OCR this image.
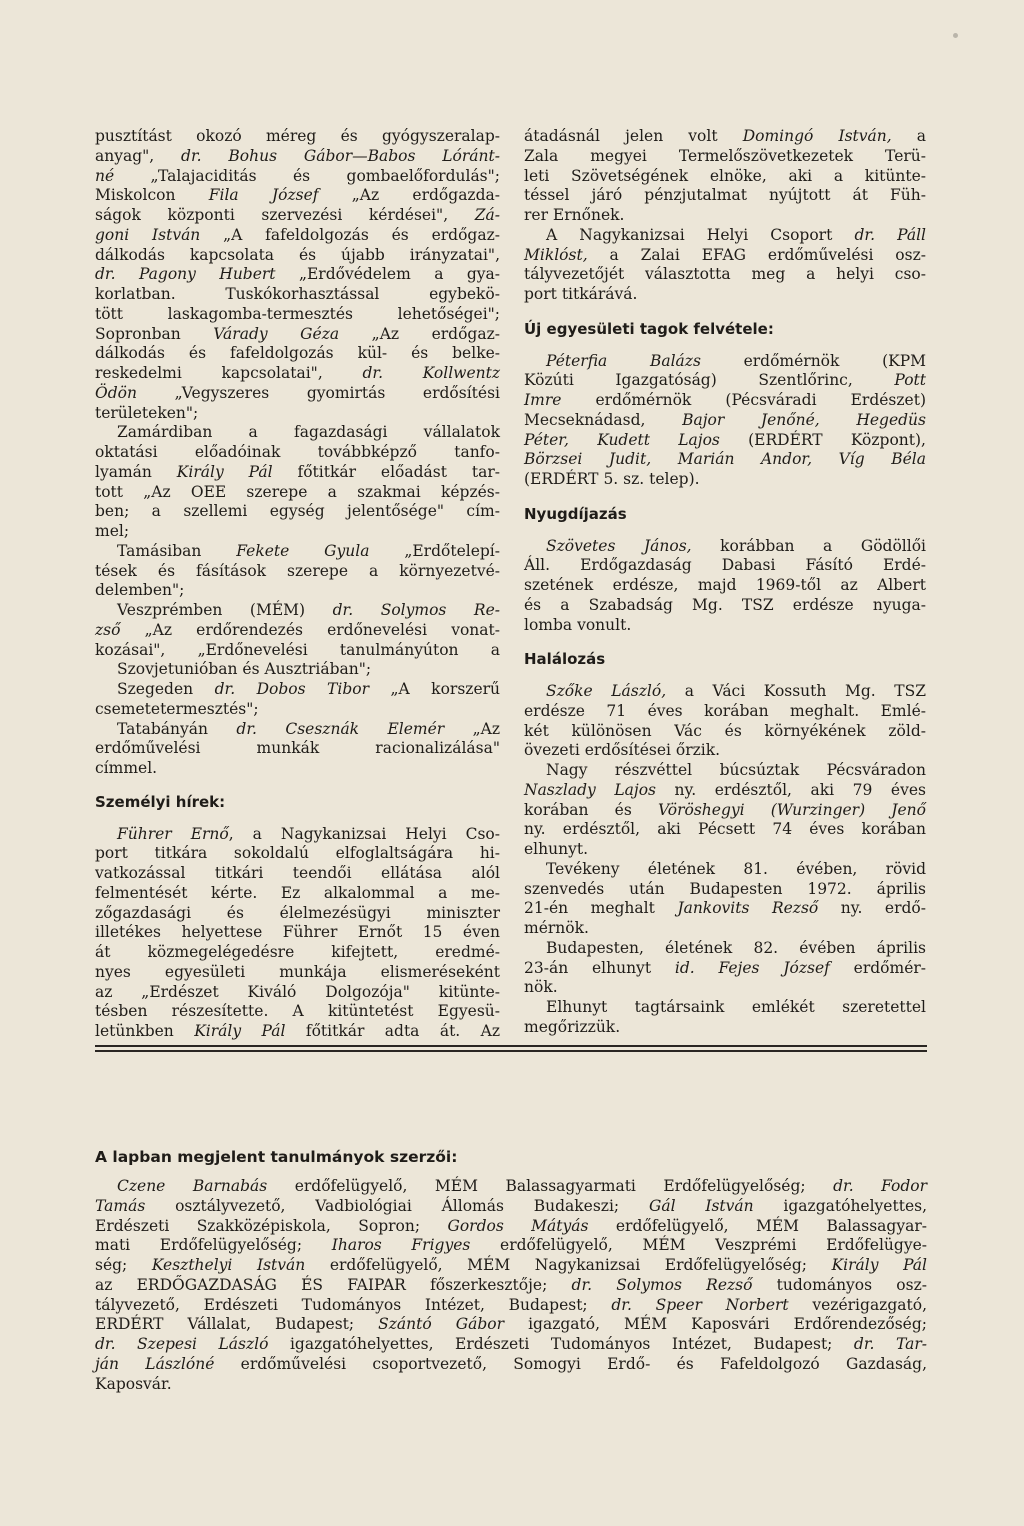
pusztítást okozó méreg és gyógyszeralap-
anyag", dr. Bohus Gábor—Babos Lóránt-
né „Talajaciditás és gombaelőfordulás";
Miskolcon Fila József „Az erdőgazda-
ságok központi szervezési kérdései", Zá-
goni István „A fafeldolgozás és erdőgaz-
dálkodás kapcsolata és újabb irányzatai",
dr. Pagony Hubert „Erdővédelem a gya-
korlatban. Tuskókorhasztással egybekö-
tött laskagomba-termesztés lehetőségei";
Sopronban Várady Géza „Az erdőgaz-
dálkodás és fafeldolgozás kül- és belke-
reskedelmi kapcsolatai", dr. Kollwentz
Ödön „Vegyszeres gyomirtás erdősítési
területeken";
Zamárdiban a fagazdasági vállalatok
oktatási előadóinak továbbképző tanfo-
lyamán Király Pál főtitkár előadást tar-
tott „Az OEE szerepe a szakmai képzés-
ben; a szellemi egység jelentősége" cím-
mel;
Tamásiban Fekete Gyula „Erdőtelepí-
tések és fásítások szerepe a környezetvé-
delemben";
Veszprémben (MÉM) dr. Solymos Re-
zső „Az erdőrendezés erdőnevelési vonat-
kozásai", „Erdőnevelési tanulmányúton a
Szovjetunióban és Ausztriában";
Szegeden dr. Dobos Tibor „A korszerű
csemetetermesztés";
Tatabányán dr. Csesznák Elemér „Az
erdőművelési munkák racionalizálása"
címmel.
Személyi hírek:
Führer Ernő, a Nagykanizsai Helyi Cso-
port titkára sokoldalú elfoglaltságára hi-
vatkozással titkári teendői ellátása alól
felmentését kérte. Ez alkalommal a me-
zőgazdasági és élelmezésügyi miniszter
illetékes helyettese Führer Ernőt 15 éven
át közmegelégedésre kifejtett, eredmé-
nyes egyesületi munkája elismeréseként
az „Erdészet Kiváló Dolgozója" kitünte-
tésben részesítette. A kitüntetést Egyesü-
letünkben Király Pál főtitkár adta át. Az
átadásnál jelen volt Domingó István, a
Zala megyei Termelőszövetkezetek Terü-
leti Szövetségének elnöke, aki a kitünte-
téssel járó pénzjutalmat nyújtott át Füh-
rer Ernőnek.
A Nagykanizsai Helyi Csoport dr. Páll
Miklóst, a Zalai EFAG erdőművelési osz-
tályvezetőjét választotta meg a helyi cso-
port titkárává.
Új egyesületi tagok felvétele:
Péterfia Balázs erdőmérnök (KPM
Közúti Igazgatóság) Szentlőrinc, Pott
Imre erdőmérnök (Pécsváradi Erdészet)
Mecseknádasd, Bajor Jenőné, Hegedüs
Péter, Kudett Lajos (ERDÉRT Központ),
Börzsei Judit, Marián Andor, Víg Béla
(ERDÉRT 5. sz. telep).
Nyugdíjazás
Szövetes János, korábban a Gödöllői
Áll. Erdőgazdaság Dabasi Fásító Erdé-
szetének erdésze, majd 1969-től az Albert
és a Szabadság Mg. TSZ erdésze nyuga-
lomba vonult.
Halálozás
Szőke László, a Váci Kossuth Mg. TSZ
erdésze 71 éves korában meghalt. Emlé-
két különösen Vác és környékének zöld-
övezeti erdősítései őrzik.
Nagy részvéttel búcsúztak Pécsváradon
Naszlady Lajos ny. erdésztől, aki 79 éves
korában és Vöröshegyi (Wurzinger) Jenő
ny. erdésztől, aki Pécsett 74 éves korában
elhunyt.
Tevékeny életének 81. évében, rövid
szenvedés után Budapesten 1972. április
21-én meghalt Jankovits Rezső ny. erdő-
mérnök.
Budapesten, életének 82. évében április
23-án elhunyt id. Fejes József erdőmér-
nök.
Elhunyt tagtársaink emlékét szeretettel
megőrizzük.
A lapban megjelent tanulmányok szerzői:
Czene Barnabás erdőfelügyelő, MÉM Balassagyarmati Erdőfelügyelőség; dr. Fodor
Tamás osztályvezető, Vadbiológiai Állomás Budakeszi; Gál István igazgatóhelyettes,
Erdészeti Szakközépiskola, Sopron; Gordos Mátyás erdőfelügyelő, MÉM Balassagyar-
mati Erdőfelügyelőség; Iharos Frigyes erdőfelügyelő, MÉM Veszprémi Erdőfelügye-
ség; Keszthelyi István erdőfelügyelő, MÉM Nagykanizsai Erdőfelügyelőség; Király Pál
az ERDŐGAZDASÁG ÉS FAIPAR főszerkesztője; dr. Solymos Rezső tudományos osz-
tályvezető, Erdészeti Tudományos Intézet, Budapest; dr. Speer Norbert vezérigazgató,
ERDÉRT Vállalat, Budapest; Szántó Gábor igazgató, MÉM Kaposvári Erdőrendezőség;
dr. Szepesi László igazgatóhelyettes, Erdészeti Tudományos Intézet, Budapest; dr. Tar-
ján Lászlóné erdőművelési csoportvezető, Somogyi Erdő- és Fafeldolgozó Gazdaság,
Kaposvár.
